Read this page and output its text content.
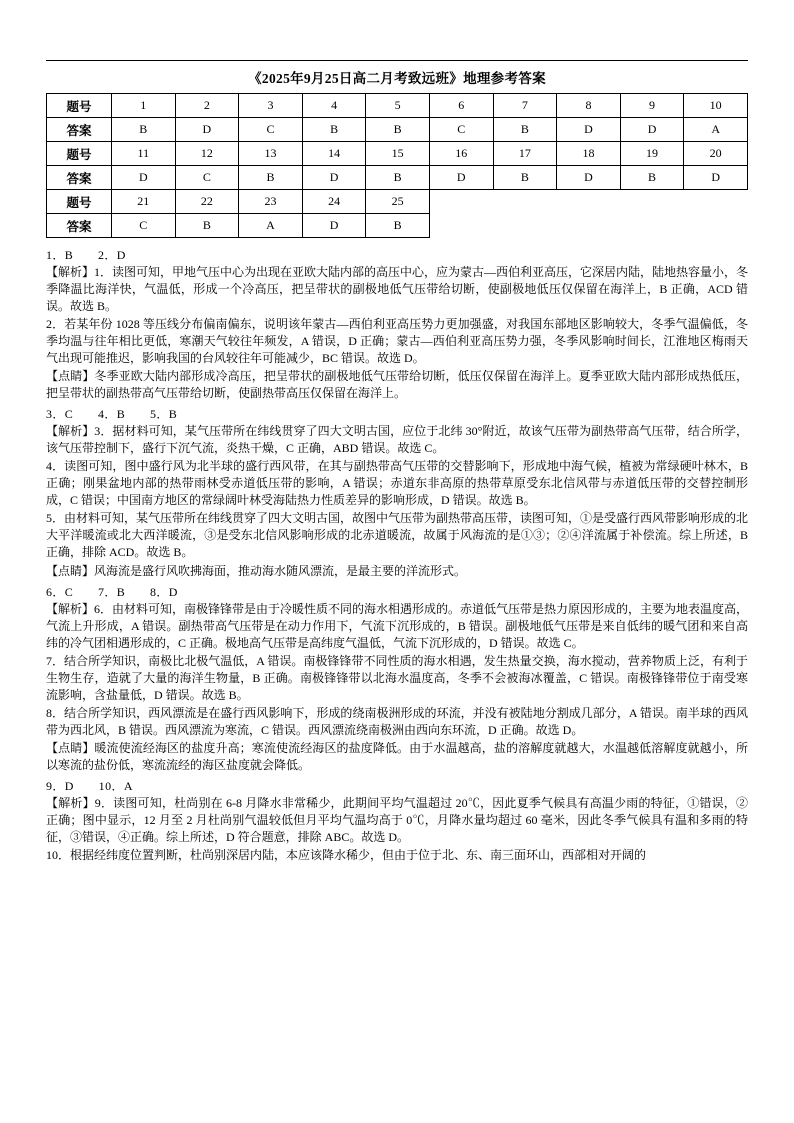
《2025年9月25日高二月考致远班》地理参考答案
题号	1	2	3	4	5	6	7	8	9	10
答案	B	D	C	B	B	C	B	D	D	A
题号	11	12	13	14	15	16	17	18	19	20
答案	D	C	B	D	B	D	B	D	B	D
题号	21	22	23	24	25					
答案	C	B	A	D	B					
1．B　　2．D

【解析】1．读图可知，甲地气压中心为出现在亚欧大陆内部的高压中心，应为蒙古—西伯利亚高压，它深居内陆，陆地热容量小，冬季降温比海洋快，气温低，形成一个冷高压，把呈带状的副极地低气压带给切断，使副极地低压仅保留在海洋上，B 正确，ACD 错误。故选 B。

2．若某年份 1028 等压线分布偏南偏东，说明该年蒙古—西伯利亚高压势力更加强盛，对我国东部地区影响较大，冬季气温偏低，冬季均温与往年相比更低，寒潮天气较往年频发，A 错误，D 正确；蒙古—西伯利亚高压势力强，冬季风影响时间长，江淮地区梅雨天气出现可能推迟，影响我国的台风较往年可能减少，BC 错误。故选 D。

【点睛】冬季亚欧大陆内部形成冷高压，把呈带状的副极地低气压带给切断，低压仅保留在海洋上。夏季亚欧大陆内部形成热低压，把呈带状的副热带高气压带给切断，使副热带高压仅保留在海洋上。

3．C　　4．B　　5．B

【解析】3．据材料可知，某气压带所在纬线贯穿了四大文明古国，应位于北纬 30°附近，故该气压带为副热带高气压带，结合所学，该气压带控制下，盛行下沉气流，炎热干燥，C 正确，ABD 错误。故选 C。

4．读图可知，图中盛行风为北半球的盛行西风带，在其与副热带高气压带的交替影响下，形成地中海气候，植被为常绿硬叶林木，B 正确；刚果盆地内部的热带雨林受赤道低压带的影响，A 错误；赤道东非高原的热带草原受东北信风带与赤道低压带的交替控制形成，C 错误；中国南方地区的常绿阔叶林受海陆热力性质差异的影响形成，D 错误。故选 B。

5．由材料可知，某气压带所在纬线贯穿了四大文明古国，故图中气压带为副热带高压带，读图可知，①是受盛行西风带影响形成的北大平洋暖流或北大西洋暖流，③是受东北信风影响形成的北赤道暖流，故属于风海流的是①③；②④洋流属于补偿流。综上所述，B 正确，排除 ACD。故选 B。

【点睛】风海流是盛行风吹拂海面，推动海水随风漂流，是最主要的洋流形式。

6．C　　7．B　　8．D

【解析】6．由材料可知，南极锋锋带是由于冷暖性质不同的海水相遇形成的。赤道低气压带是热力原因形成的，主要为地表温度高，气流上升形成，A 错误。副热带高气压带是在动力作用下，气流下沉形成的，B 错误。副极地低气压带是来自低纬的暖气团和来自高纬的冷气团相遇形成的，C 正确。极地高气压带是高纬度气温低，气流下沉形成的，D 错误。故选 C。

7．结合所学知识，南极比北极气温低，A 错误。南极锋锋带不同性质的海水相遇，发生热量交换，海水搅动，营养物质上泛，有利于生物生存，造就了大量的海洋生物量，B 正确。南极锋锋带以北海水温度高，冬季不会被海冰覆盖，C 错误。南极锋锋带位于南受寒流影响，含盐量低，D 错误。故选 B。

8．结合所学知识，西风漂流是在盛行西风影响下，形成的绕南极洲形成的环流，并没有被陆地分割成几部分，A 错误。南半球的西风带为西北风，B 错误。西风漂流为寒流，C 错误。西风漂流绕南极洲由西向东环流，D 正确。故选 D。

【点睛】暖流使流经海区的盐度升高；寒流使流经海区的盐度降低。由于水温越高，盐的溶解度就越大，水温越低溶解度就越小，所以寒流的盐份低，寒流流经的海区盐度就会降低。

9．D　　10．A

【解析】9．读图可知，杜尚别在 6-8 月降水非常稀少，此期间平均气温超过 20℃，因此夏季气候具有高温少雨的特征，①错误，②正确；图中显示，12 月至 2 月杜尚别气温较低但月平均气温均高于 0℃，月降水量均超过 60 毫米，因此冬季气候具有温和多雨的特征，③错误，④正确。综上所述，D 符合题意，排除 ABC。故选 D。

10．根据经纬度位置判断，杜尚别深居内陆，本应该降水稀少，但由于位于北、东、南三面环山，西部相对开阔的
